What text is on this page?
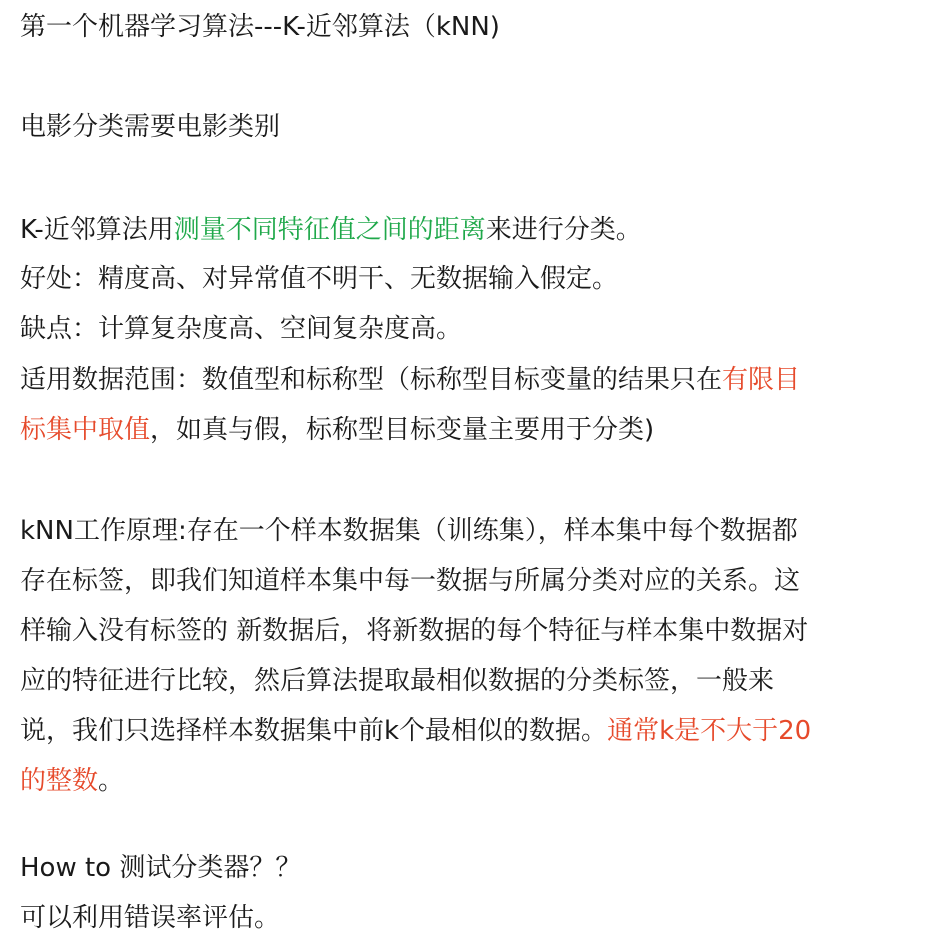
第一个机器学习算法---K-近邻算法（kNN)
电影分类需要电影类别
K-近邻算法用测量不同特征值之间的距离来进行分类。
好处：精度高、对异常值不明干、无数据输入假定。
缺点：计算复杂度高、空间复杂度高。
适用数据范围：数值型和标称型（标称型目标变量的结果只在有限目
标集中取值，如真与假，标称型目标变量主要用于分类)
kNN工作原理:存在一个样本数据集（训练集），样本集中每个数据都
存在标签，即我们知道样本集中每一数据与所属分类对应的关系。这
样输入没有标签的 新数据后，将新数据的每个特征与样本集中数据对
应的特征进行比较，然后算法提取最相似数据的分类标签，一般来
说，我们只选择样本数据集中前k个最相似的数据。通常k是不大于20
的整数。
How to 测试分类器？？
可以利用错误率评估。
